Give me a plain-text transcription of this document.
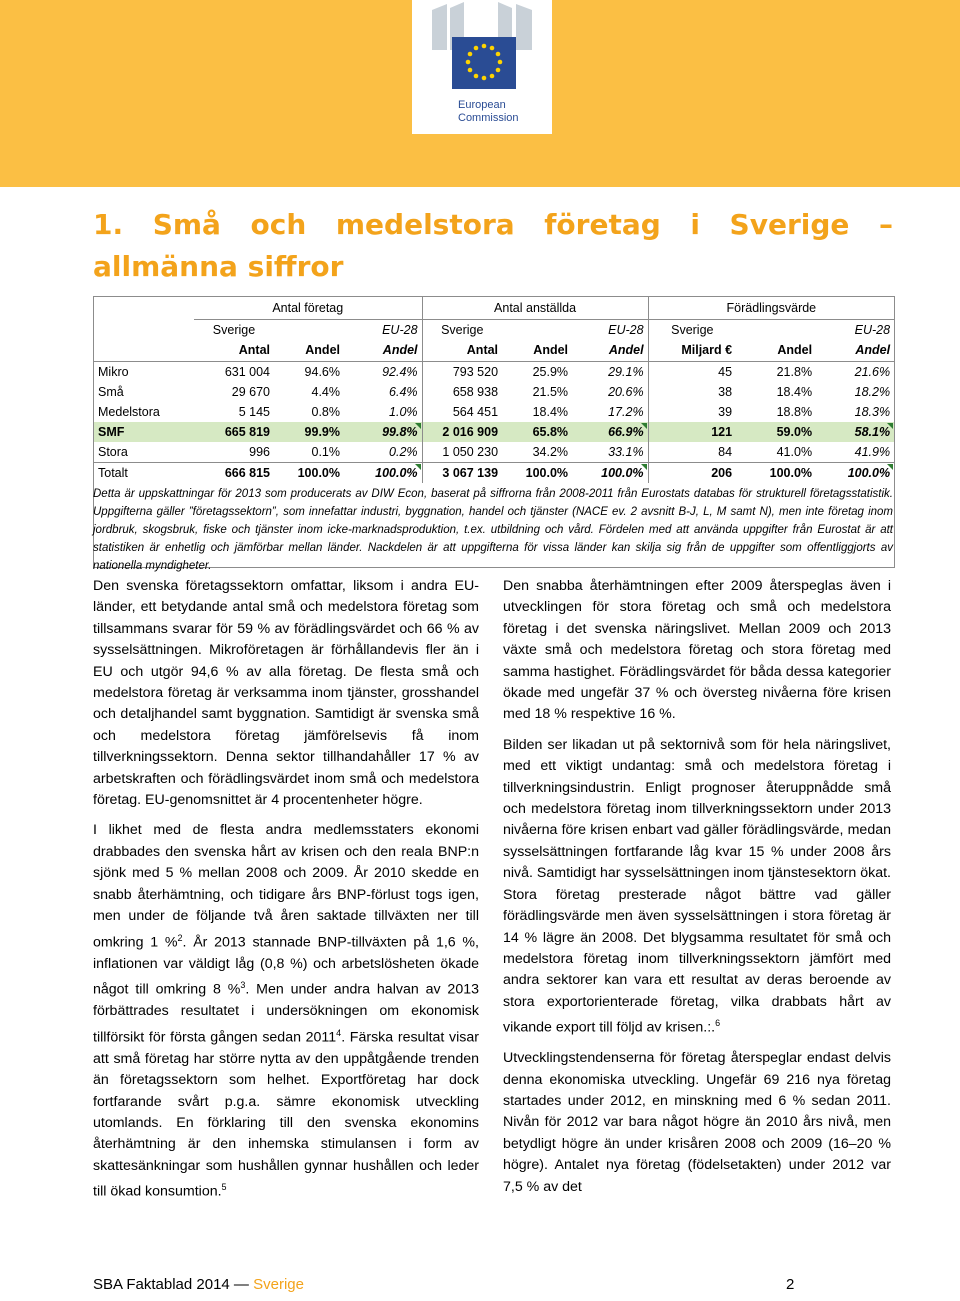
European
Commission
1. Små och medelstora företag i Sverige – allmänna siffror
	Antal företag			Antal anställda			Förädlingsvärde		
	Sverige		EU-28	Sverige		EU-28	Sverige		EU-28
	Antal	Andel	Andel	Antal	Andel	Andel	Miljard €	Andel	Andel
Mikro	631 004	94.6%	92.4%	793 520	25.9%	29.1%	45	21.8%	21.6%
Små	29 670	4.4%	6.4%	658 938	21.5%	20.6%	38	18.4%	18.2%
Medelstora	5 145	0.8%	1.0%	564 451	18.4%	17.2%	39	18.8%	18.3%
SMF	665 819	99.9%	99.8%	2 016 909	65.8%	66.9%	121	59.0%	58.1%
Stora	996	0.1%	0.2%	1 050 230	34.2%	33.1%	84	41.0%	41.9%
Totalt	666 815	100.0%	100.0%	3 067 139	100.0%	100.0%	206	100.0%	100.0%

Detta är uppskattningar för 2013 som producerats av DIW Econ, baserat på siffrorna från 2008-2011 från Eurostats databas för strukturell företagsstatistik. Uppgifterna gäller ”företagssektorn”, som innefattar industri, byggnation, handel och tjänster (NACE ev. 2 avsnitt B-J, L, M samt N), men inte företag inom jordbruk, skogsbruk, fiske och tjänster inom icke-marknadsproduktion, t.ex. utbildning och vård. Fördelen med att använda uppgifter från Eurostat är att statistiken är enhetlig och jämförbar mellan länder. Nackdelen är att uppgifterna för vissa länder kan skilja sig från de uppgifter som offentliggjorts av nationella myndigheter.

Den svenska företagssektorn omfattar, liksom i andra EU-länder, ett betydande antal små och medelstora företag som tillsammans svarar för 59 % av förädlingsvärdet och 66 % av sysselsättningen. Mikroföretagen är förhållandevis fler än i EU och utgör 94,6 % av alla företag. De flesta små och medelstora företag är verksamma inom tjänster, grosshandel och detaljhandel samt byggnation. Samtidigt är svenska små och medelstora företag jämförelsevis få inom tillverkningssektorn. Denna sektor tillhandahåller 17 % av arbetskraften och förädlingsvärdet inom små och medelstora företag. EU-genomsnittet är 4 procentenheter högre.

I likhet med de flesta andra medlemsstaters ekonomi drabbades den svenska hårt av krisen och den reala BNP:n sjönk med 5 % mellan 2008 och 2009. År 2010 skedde en snabb återhämtning, och tidigare års BNP-förlust togs igen, men under de följande två åren saktade tillväxten ner till omkring 1 %$^2$. År 2013 stannade BNP-tillväxten på 1,6 %, inflationen var väldigt låg (0,8 %) och arbetslösheten ökade något till omkring 8 %$^3$. Men under andra halvan av 2013 förbättrades resultatet i undersökningen om ekonomisk tillförsikt för första gången sedan 2011$^4$. Färska resultat visar att små företag har större nytta av den uppåtgående trenden än företagssektorn som helhet. Exportföretag har dock fortfarande svårt p.g.a. sämre ekonomisk utveckling utomlands. En förklaring till den svenska ekonomins återhämtning är den inhemska stimulansen i form av skattesänkningar som hushållen gynnar hushållen och leder till ökad konsumtion.$^5$

Den snabba återhämtningen efter 2009 återspeglas även i utvecklingen för stora företag och små och medelstora företag i det svenska näringslivet. Mellan 2009 och 2013 växte små och medelstora företag och stora företag med samma hastighet. Förädlingsvärdet för båda dessa kategorier ökade med ungefär 37 % och översteg nivåerna före krisen med 18 % respektive 16 %.

Bilden ser likadan ut på sektornivå som för hela näringslivet, med ett viktigt undantag: små och medelstora företag i tillverkningsindustrin. Enligt prognoser återuppnådde små och medelstora företag inom tillverkningssektorn under 2013 nivåerna före krisen enbart vad gäller förädlingsvärde, medan sysselsättningen fortfarande låg kvar 15 % under 2008 års nivå. Samtidigt har sysselsättningen inom tjänstesektorn ökat. Stora företag presterade något bättre vad gäller förädlingsvärde men även sysselsättningen i stora företag är 14 % lägre än 2008. Det blygsamma resultatet för små och medelstora företag inom tillverkningssektorn jämfört med andra sektorer kan vara ett resultat av deras beroende av stora exportorienterade företag, vilka drabbats hårt av vikande export till följd av krisen.:.$^6$

Utvecklingstendenserna för företag återspeglar endast delvis denna ekonomiska utveckling. Ungefär 69 216 nya företag startades under 2012, en minskning med 6 % sedan 2011. Nivån för 2012 var bara något högre än 2010 års nivå, men betydligt högre än under krisåren 2008 och 2009 (16–20 % högre). Antalet nya företag (födelsetakten) under 2012 var 7,5 % av det

SBA Faktablad 2014 — Sverige	2
